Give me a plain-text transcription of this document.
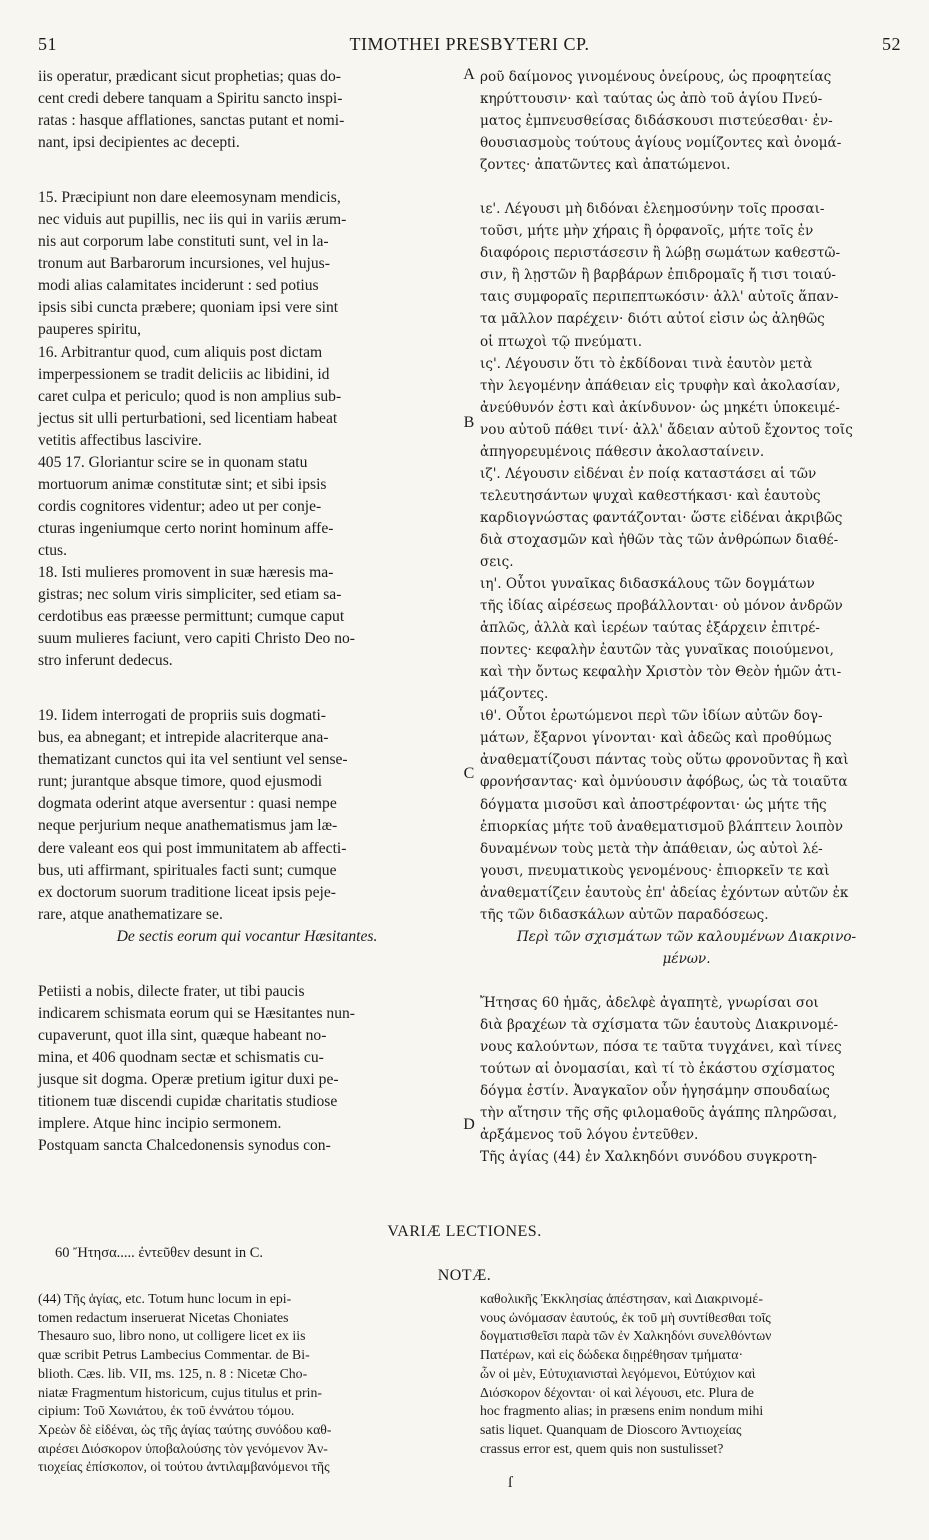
51	TIMOTHEI PRESBYTERI CP.	52

iis operatur, prædicant sicut prophetias; quas do-

cent credi debere tanquam a Spiritu sancto inspi-

ratas : hasque afflationes, sanctas putant et nomi-

nant, ipsi decipientes ac decepti.

15. Præcipiunt non dare eleemosynam mendicis,

nec viduis aut pupillis, nec iis qui in variis ærum-

nis aut corporum labe constituti sunt, vel in la-

tronum aut Barbarorum incursiones, vel hujus-

modi alias calamitates inciderunt : sed potius

ipsis sibi cuncta præbere; quoniam ipsi vere sint

pauperes spiritu,

16. Arbitrantur quod, cum aliquis post dictam

imperpessionem se tradit deliciis ac libidini, id

caret culpa et periculo; quod is non amplius sub-

jectus sit ulli perturbationi, sed licentiam habeat

vetitis affectibus lascivire.

405 17. Gloriantur scire se in quonam statu

mortuorum animæ constitutæ sint; et sibi ipsis

cordis cognitores videntur; adeo ut per conje-

cturas ingeniumque certo norint hominum affe-

ctus.

18. Isti mulieres promovent in suæ hæresis ma-

gistras; nec solum viris simpliciter, sed etiam sa-

cerdotibus eas præesse permittunt; cumque caput

suum mulieres faciunt, vero capiti Christo Deo no-

stro inferunt dedecus.

19. Iidem interrogati de propriis suis dogmati-

bus, ea abnegant; et intrepide alacriterque ana-

thematizant cunctos qui ita vel sentiunt vel sense-

runt; jurantque absque timore, quod ejusmodi

dogmata oderint atque aversentur : quasi nempe

neque perjurium neque anathematismus jam læ-

dere valeant eos qui post immunitatem ab affecti-

bus, uti affirmant, spirituales facti sunt; cumque

ex doctorum suorum traditione liceat ipsis peje-

rare, atque anathematizare se.

De sectis eorum qui vocantur Hæsitantes.

Petiisti a nobis, dilecte frater, ut tibi paucis

indicarem schismata eorum qui se Hæsitantes nun-

cupaverunt, quot illa sint, quæque habeant no-

mina, et 406 quodnam sectæ et schismatis cu-

jusque sit dogma. Operæ pretium igitur duxi pe-

titionem tuæ discendi cupidæ charitatis studiose

implere. Atque hinc incipio sermonem.

Postquam sancta Chalcedonensis synodus con-

A
B
C
D

ροῦ δαίμονος γινομένους ὀνείρους, ὡς προφητείας

κηρύττουσιν· καὶ ταύτας ὡς ἀπὸ τοῦ ἁγίου Πνεύ-

ματος ἐμπνευσθείσας διδάσκουσι πιστεύεσθαι· ἐν-

θουσιασμοὺς τούτους ἁγίους νομίζοντες καὶ ὀνομά-

ζοντες· ἀπατῶντες καὶ ἀπατώμενοι.

ιε'. Λέγουσι μὴ διδόναι ἐλεημοσύνην τοῖς προσαι-

τοῦσι, μήτε μὴν χήραις ἢ ὀρφανοῖς, μήτε τοῖς ἐν

διαφόροις περιστάσεσιν ἢ λώβῃ σωμάτων καθεστῶ-

σιν, ἢ λῃστῶν ἢ βαρβάρων ἐπιδρομαῖς ἤ τισι τοιαύ-

ταις συμφοραῖς περιπεπτωκόσιν· ἀλλ' αὐτοῖς ἅπαν-

τα μᾶλλον παρέχειν· διότι αὐτοί εἰσιν ὡς ἀληθῶς

οἱ πτωχοὶ τῷ πνεύματι.

ις'. Λέγουσιν ὅτι τὸ ἐκδίδοναι τινὰ ἑαυτὸν μετὰ

τὴν λεγομένην ἀπάθειαν εἰς τρυφὴν καὶ ἀκολασίαν,

ἀνεύθυνόν ἐστι καὶ ἀκίνδυνον· ὡς μηκέτι ὑποκειμέ-

νου αὐτοῦ πάθει τινί· ἀλλ' ἄδειαν αὐτοῦ ἔχοντος τοῖς

ἀπηγορευμένοις πάθεσιν ἀκολασταίνειν.

ιζ'. Λέγουσιν εἰδέναι ἐν ποίᾳ καταστάσει αἱ τῶν

τελευτησάντων ψυχαὶ καθεστήκασι· καὶ ἑαυτοὺς

καρδιογνώστας φαντάζονται· ὥστε εἰδέναι ἀκριβῶς

διὰ στοχασμῶν καὶ ἠθῶν τὰς τῶν ἀνθρώπων διαθέ-

σεις.

ιη'. Οὗτοι γυναῖκας διδασκάλους τῶν δογμάτων

τῆς ἰδίας αἱρέσεως προβάλλονται· οὐ μόνον ἀνδρῶν

ἁπλῶς, ἀλλὰ καὶ ἱερέων ταύτας ἐξάρχειν ἐπιτρέ-

ποντες· κεφαλὴν ἑαυτῶν τὰς γυναῖκας ποιούμενοι,

καὶ τὴν ὄντως κεφαλὴν Χριστὸν τὸν Θεὸν ἡμῶν ἀτι-

μάζοντες.

ιθ'. Οὗτοι ἐρωτώμενοι περὶ τῶν ἰδίων αὐτῶν δογ-

μάτων, ἔξαρνοι γίνονται· καὶ ἀδεῶς καὶ προθύμως

ἀναθεματίζουσι πάντας τοὺς οὕτω φρονοῦντας ἢ καὶ

φρονήσαντας· καὶ ὀμνύουσιν ἀφόβως, ὡς τὰ τοιαῦτα

δόγματα μισοῦσι καὶ ἀποστρέφονται· ὡς μήτε τῆς

ἐπιορκίας μήτε τοῦ ἀναθεματισμοῦ βλάπτειν λοιπὸν

δυναμένων τοὺς μετὰ τὴν ἀπάθειαν, ὡς αὐτοὶ λέ-

γουσι, πνευματικοὺς γενομένους· ἐπιορκεῖν τε καὶ

ἀναθεματίζειν ἑαυτοὺς ἐπ' ἀδείας ἐχόντων αὐτῶν ἐκ

τῆς τῶν διδασκάλων αὐτῶν παραδόσεως.

Περὶ τῶν σχισμάτων τῶν καλουμένων Διακρινο-

μένων.

Ἤτησας 60 ἡμᾶς, ἀδελφὲ ἀγαπητὲ, γνωρίσαι σοι

διὰ βραχέων τὰ σχίσματα τῶν ἑαυτοὺς Διακρινομέ-

νους καλούντων, πόσα τε ταῦτα τυγχάνει, καὶ τίνες

τούτων αἱ ὀνομασίαι, καὶ τί τὸ ἑκάστου σχίσματος

δόγμα ἐστίν. Ἀναγκαῖον οὖν ἡγησάμην σπουδαίως

τὴν αἴτησιν τῆς σῆς φιλομαθοῦς ἀγάπης πληρῶσαι,

ἀρξάμενος τοῦ λόγου ἐντεῦθεν.

Τῆς ἁγίας (44) ἐν Χαλκηδόνι συνόδου συγκροτη-

VARIÆ LECTIONES.
60 Ἤτησα..... ἐντεῦθεν desunt in C.
NOTÆ.

(44) Τῆς ἁγίας, etc. Totum hunc locum in epi-

tomen redactum inseruerat Nicetas Choniates

Thesauro suo, libro nono, ut colligere licet ex iis

quæ scribit Petrus Lambecius Commentar. de Bi-

blioth. Cæs. lib. VII, ms. 125, n. 8 : Nicetæ Cho-

niatæ Fragmentum historicum, cujus titulus et prin-

cipium: Τοῦ Χωνιάτου, ἐκ τοῦ ἐννάτου τόμου.

Χρεὼν δὲ εἰδέναι, ὡς τῆς ἁγίας ταύτης συνόδου καθ-

αιρέσει Διόσκορον ὑποβαλούσης τὸν γενόμενον Ἀν-

τιοχείας ἐπίσκοπον, οἱ τούτου ἀντιλαμβανόμενοι τῆς

καθολικῆς Ἐκκλησίας ἀπέστησαν, καὶ Διακρινομέ-

νους ὠνόμασαν ἑαυτούς, ἐκ τοῦ μὴ συντίθεσθαι τοῖς

δογματισθεῖσι παρὰ τῶν ἐν Χαλκηδόνι συνελθόντων

Πατέρων, καὶ εἰς δώδεκα διῃρέθησαν τμήματα·

ὧν οἱ μὲν, Εὐτυχιανισταὶ λεγόμενοι, Εὐτύχιον καὶ

Διόσκορον δέχονται· οἱ καὶ λέγουσι, etc. Plura de

hoc fragmento alias; in præsens enim nondum mihi

satis liquet. Quanquam de Dioscoro Ἀντιοχείας

crassus error est, quem quis non sustulisset?

ſ
